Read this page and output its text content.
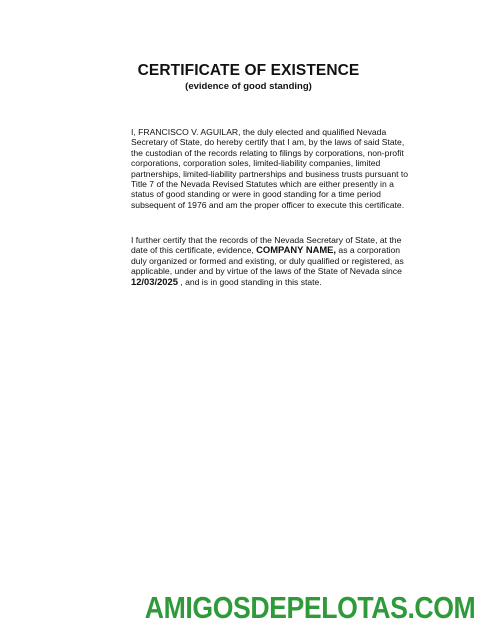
CERTIFICATE OF EXISTENCE
(evidence of good standing)
I, FRANCISCO V. AGUILAR, the duly elected and qualified Nevada Secretary of State, do hereby certify that I am, by the laws of said State, the custodian of the records relating to filings by corporations, non-profit corporations, corporation soles, limited-liability companies, limited partnerships, limited-liability partnerships and business trusts pursuant to Title 7 of the Nevada Revised Statutes which are either presently in a status of good standing or were in good standing for a time period subsequent of 1976 and am the proper officer to execute this certificate.
I further certify that the records of the Nevada Secretary of State, at the date of this certificate, evidence, COMPANY NAME, as a corporation duly organized or formed and existing, or duly qualified or registered, as applicable, under and by virtue of the laws of the State of Nevada since 12/03/2025 , and is in good standing in this state.
AMIGOSDEPELOTAS.COM
